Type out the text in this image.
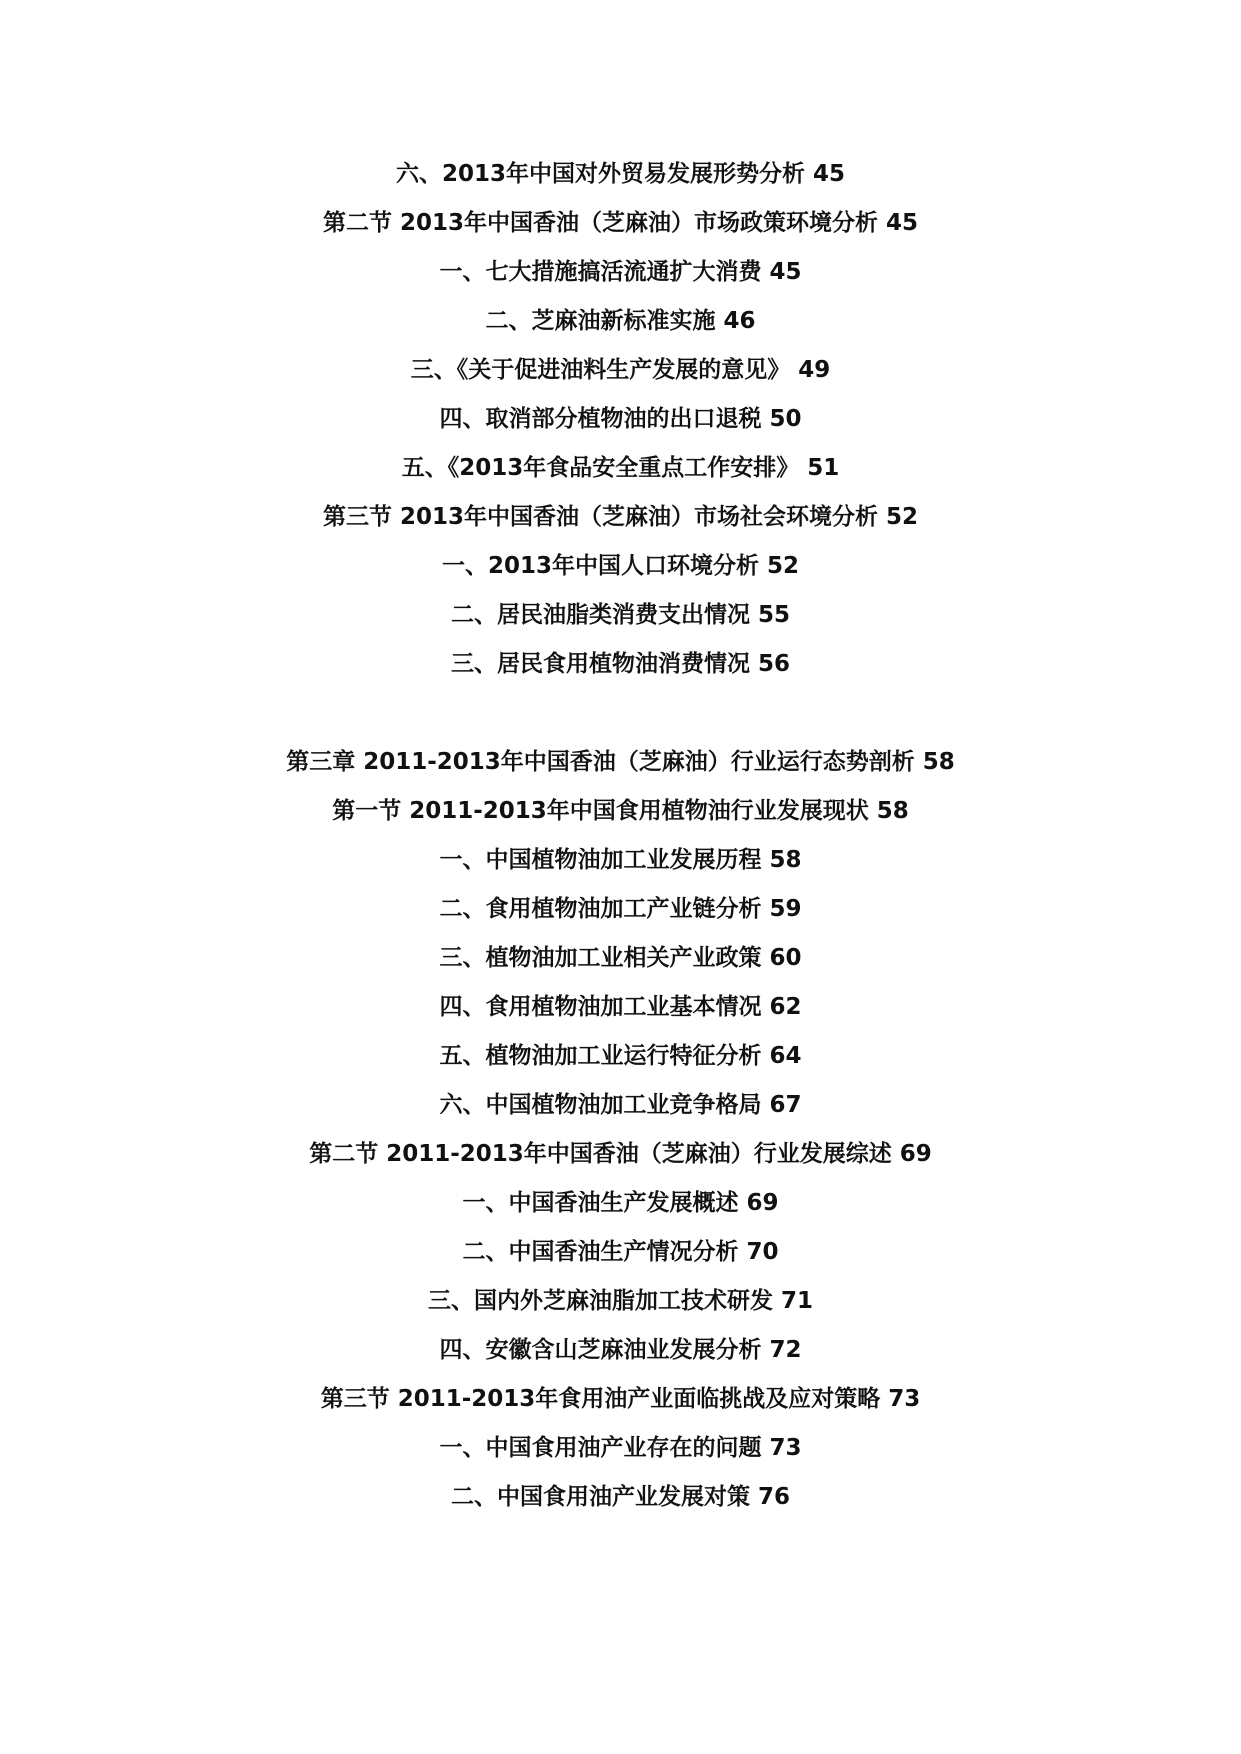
六、2013年中国对外贸易发展形势分析 45
第二节 2013年中国香油（芝麻油）市场政策环境分析 45
一、七大措施搞活流通扩大消费 45
二、芝麻油新标准实施 46
三、《关于促进油料生产发展的意见》 49
四、取消部分植物油的出口退税 50
五、《2013年食品安全重点工作安排》 51
第三节 2013年中国香油（芝麻油）市场社会环境分析 52
一、2013年中国人口环境分析 52
二、居民油脂类消费支出情况 55
三、居民食用植物油消费情况 56
第三章 2011-2013年中国香油（芝麻油）行业运行态势剖析 58
第一节 2011-2013年中国食用植物油行业发展现状 58
一、中国植物油加工业发展历程 58
二、食用植物油加工产业链分析 59
三、植物油加工业相关产业政策 60
四、食用植物油加工业基本情况 62
五、植物油加工业运行特征分析 64
六、中国植物油加工业竞争格局 67
第二节 2011-2013年中国香油（芝麻油）行业发展综述 69
一、中国香油生产发展概述 69
二、中国香油生产情况分析 70
三、国内外芝麻油脂加工技术研发 71
四、安徽含山芝麻油业发展分析 72
第三节 2011-2013年食用油产业面临挑战及应对策略 73
一、中国食用油产业存在的问题 73
二、中国食用油产业发展对策 76
